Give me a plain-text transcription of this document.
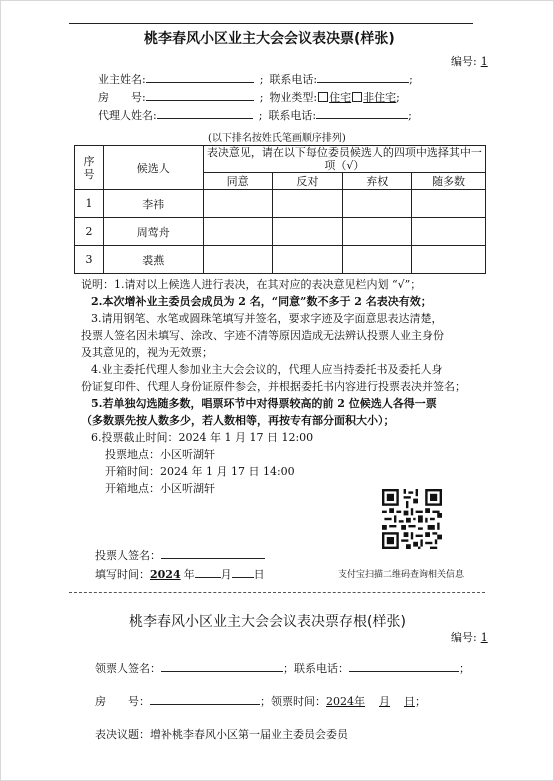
桃李春风小区业主大会会议表决票(样张)
编号: 1
业主姓名:	; 联系电话:	;
房　　号:	; 物业类型: 住宅 非住宅;
代理人姓名:	; 联系电话:	;
(以下排名按姓氏笔画顺序排列)
序号	候选人	表决意见，请在以下每位委员候选人的四项中选择其中一项（√）			
		同意	反对	弃权	随多数
1	李祎				
2	周莺舟				
3	裘燕				
说明：1.请对以上候选人进行表决，在其对应的表决意见栏内划 “√”；
2.本次增补业主委员会成员为 2 名，“同意”数不多于 2 名表决有效；
3.请用钢笔、水笔或圆珠笔填写并签名，要求字迹及字面意思表达清楚，
投票人签名因未填写、涂改、字迹不清等原因造成无法辨认投票人业主身份
及其意见的，视为无效票；
4.业主委托代理人参加业主大会会议的，代理人应当持委托书及委托人身
份证复印件、代理人身份证原件参会，并根据委托书内容进行投票表决并签名；
5.若单独勾选随多数，唱票环节中对得票较高的前 2 位候选人各得一票
（多数票先按人数多少，若人数相等，再按专有部分面积大小）；
6.投票截止时间：2024 年 1 月 17 日 12:00
投票地点：小区听湖轩
开箱时间：2024 年 1 月 17 日 14:00
开箱地点：小区听湖轩
投票人签名：
填写时间：2024 年 月 日	支付宝扫描二维码查询相关信息
桃李春风小区业主大会会议表决票存根(样张)
编号: 1
领票人签名：	；联系电话：	；
房　　号：	；领票时间：2024年 月 日；
表决议题：增补桃李春风小区第一届业主委员会委员
